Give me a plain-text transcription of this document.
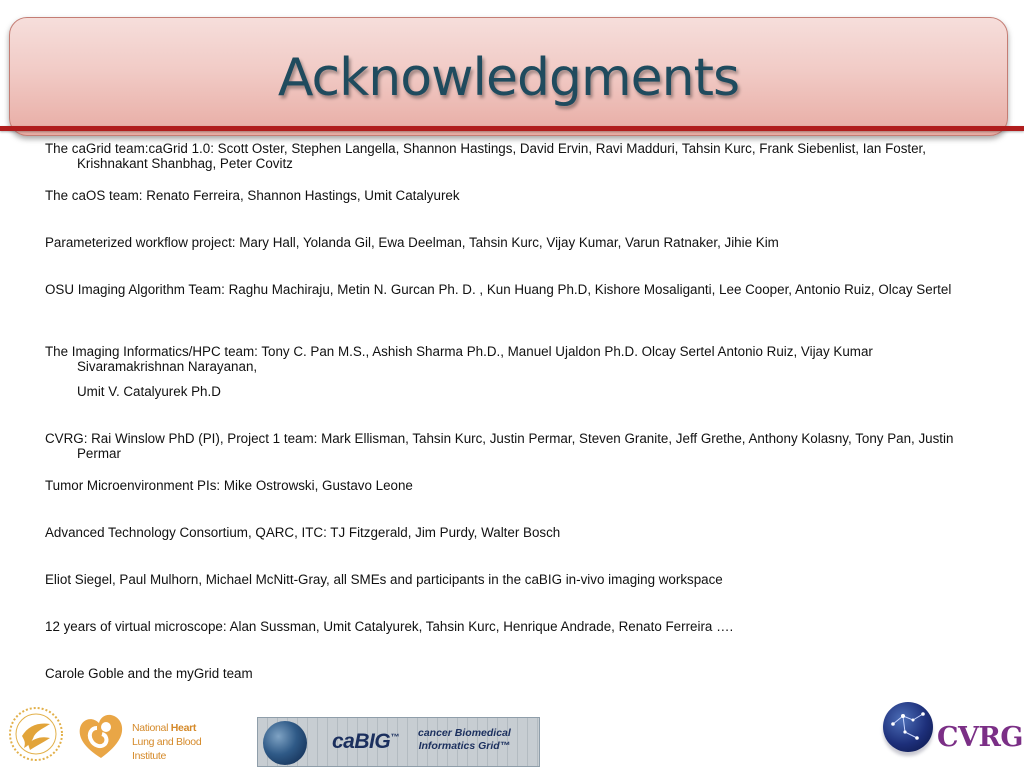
Acknowledgments
The caGrid team:caGrid 1.0: Scott Oster, Stephen Langella, Shannon Hastings, David Ervin, Ravi Madduri, Tahsin Kurc, Frank Siebenlist, Ian Foster, Krishnakant Shanbhag, Peter Covitz
The caOS team: Renato Ferreira, Shannon Hastings, Umit Catalyurek
Parameterized workflow project: Mary Hall, Yolanda Gil, Ewa Deelman, Tahsin Kurc, Vijay Kumar, Varun Ratnaker, Jihie Kim
OSU Imaging Algorithm Team: Raghu Machiraju, Metin N. Gurcan Ph. D. , Kun Huang Ph.D, Kishore Mosaliganti, Lee Cooper, Antonio Ruiz, Olcay Sertel
The Imaging Informatics/HPC team: Tony C. Pan M.S., Ashish Sharma Ph.D., Manuel Ujaldon Ph.D. Olcay Sertel Antonio Ruiz, Vijay Kumar Sivaramakrishnan Narayanan,
Umit V. Catalyurek Ph.D
CVRG: Rai Winslow PhD (PI), Project 1 team: Mark Ellisman, Tahsin Kurc, Justin Permar, Steven Granite, Jeff Grethe, Anthony Kolasny, Tony Pan, Justin Permar
Tumor Microenvironment PIs: Mike Ostrowski, Gustavo Leone
Advanced Technology Consortium, QARC, ITC: TJ Fitzgerald, Jim Purdy, Walter Bosch
Eliot Siegel, Paul Mulhorn, Michael McNitt-Gray, all SMEs and participants in the caBIG in-vivo imaging workspace
12 years of virtual microscope: Alan Sussman, Umit Catalyurek, Tahsin Kurc, Henrique Andrade, Renato Ferreira ….
Carole Goble and the myGrid team
National Heart
Lung and Blood Institute
caBIG™ cancer Biomedical
Informatics Grid™	CVRG
